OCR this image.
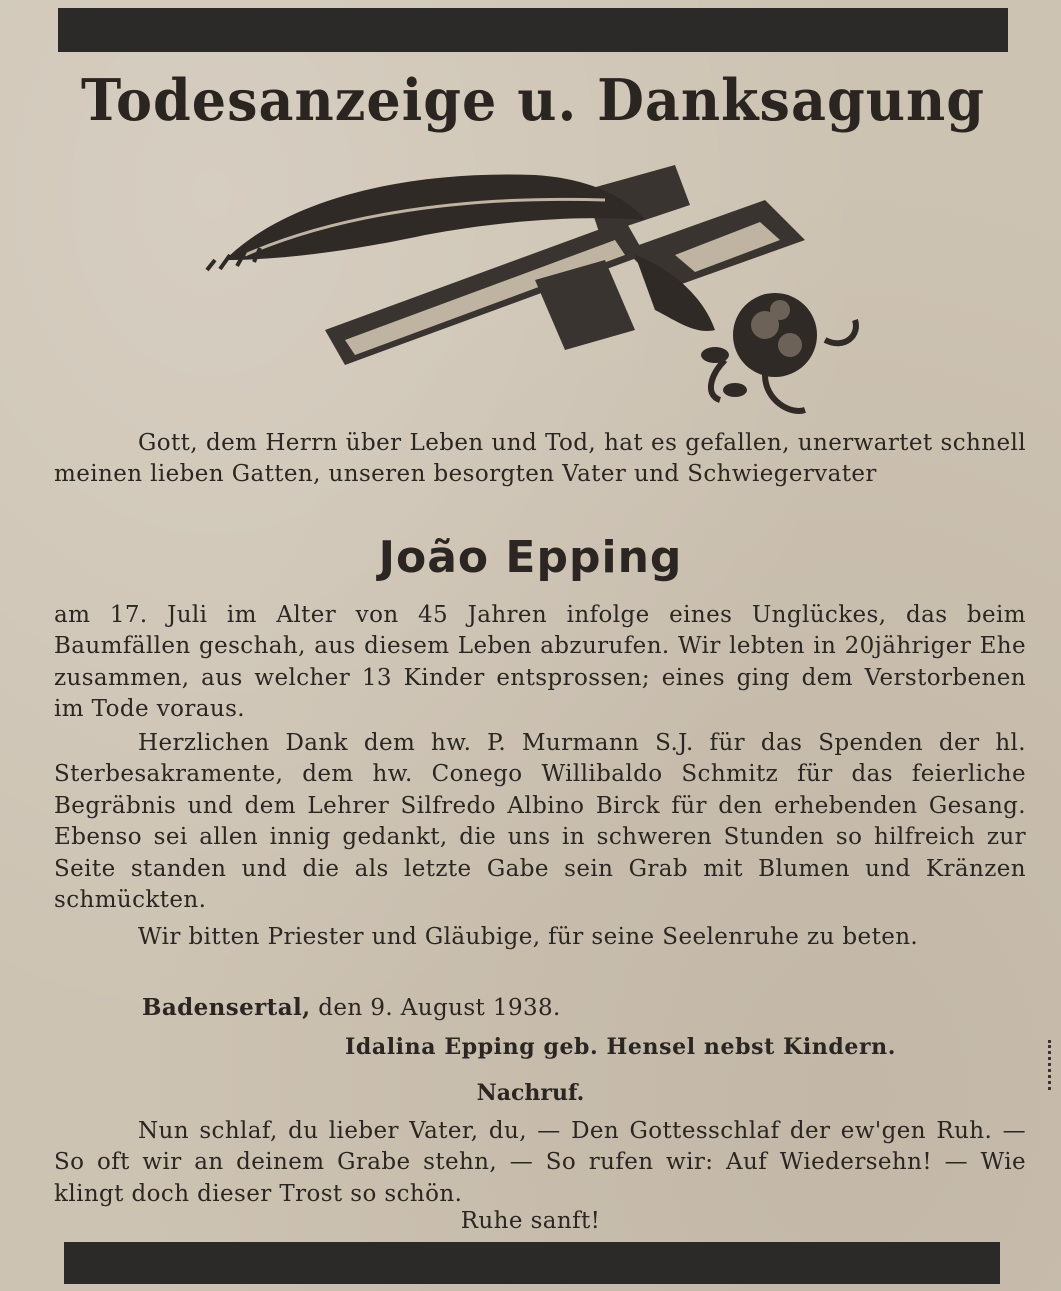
Todesanzeige u. Danksagung
Gott, dem Herrn über Leben und Tod, hat es gefallen, unerwartet schnell meinen lieben Gatten, unseren besorgten Vater und Schwiegervater
João Epping
am 17. Juli im Alter von 45 Jahren infolge eines Unglückes, das beim Baumfällen geschah, aus diesem Leben abzurufen. Wir lebten in 20jähriger Ehe zusammen, aus welcher 13 Kinder entsprossen; eines ging dem Verstorbenen im Tode voraus.
Herzlichen Dank dem hw. P. Murmann S.J. für das Spenden der hl. Sterbesakramente, dem hw. Conego Willibaldo Schmitz für das feierliche Begräbnis und dem Lehrer Silfredo Albino Birck für den erhebenden Gesang. Ebenso sei allen innig gedankt, die uns in schweren Stunden so hilfreich zur Seite standen und die als letzte Gabe sein Grab mit Blumen und Kränzen schmückten.
Wir bitten Priester und Gläubige, für seine Seelenruhe zu beten.
Badensertal, den 9. August 1938.
Idalina Epping geb. Hensel nebst Kindern.
Nachruf.
Nun schlaf, du lieber Vater, du, — Den Gottesschlaf der ew'gen Ruh. — So oft wir an deinem Grabe stehn, — So rufen wir: Auf Wiedersehn! — Wie klingt doch dieser Trost so schön.
Ruhe sanft!
